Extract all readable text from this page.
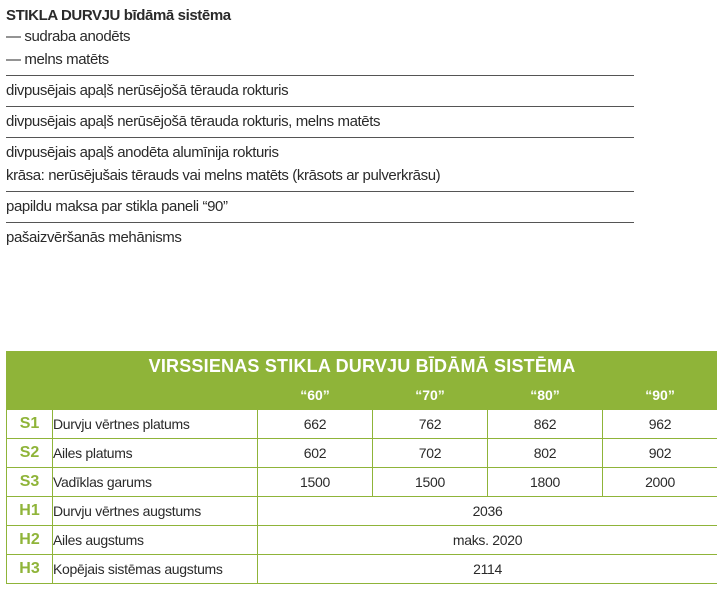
STIKLA DURVJU bīdāmā sistēma
— sudraba anodēts
— melns matēts
divpusējais apaļš nerūsējošā tērauda rokturis
divpusējais apaļš nerūsējošā tērauda rokturis, melns matēts
divpusējais apaļš anodēta alumīnija rokturis
krāsa: nerūsējušais tērauds vai melns matēts (krāsots ar pulverkrāsu)
papildu maksa par stikla paneli “90”
pašaizvēršanās mehānisms
VIRSSIENAS STIKLA DURVJU BĪDĀMĀ SISTĒMA					
		“60”	“70”	“80”	“90”
S1	Durvju vērtnes platums	662	762	862	962
S2	Ailes platums	602	702	802	902
S3	Vadīklas garums	1500	1500	1800	2000
H1	Durvju vērtnes augstums	2036			
H2	Ailes augstums	maks. 2020			
H3	Kopējais sistēmas augstums	2114			
